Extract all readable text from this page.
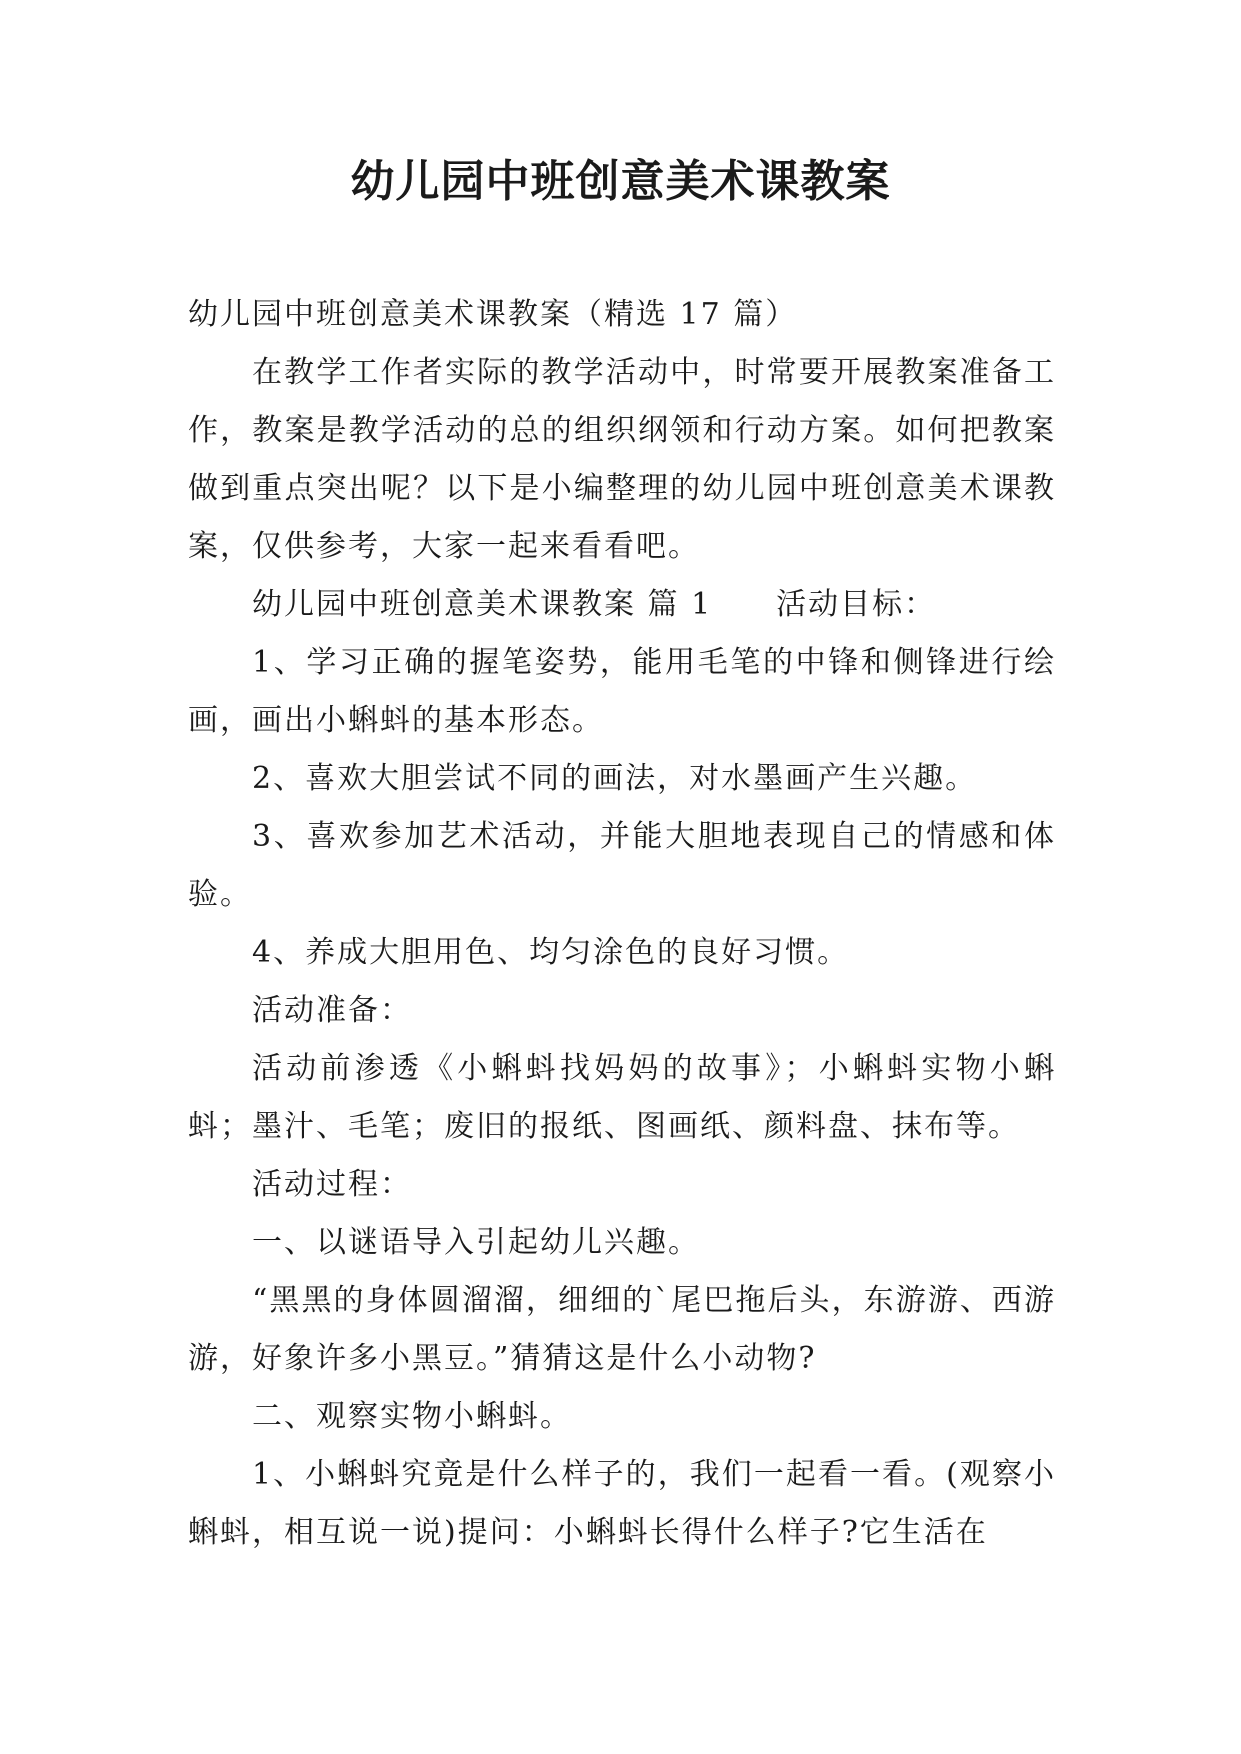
幼儿园中班创意美术课教案

幼儿园中班创意美术课教案（精选 17 篇）

在教学工作者实际的教学活动中，时常要开展教案准备工作，教案是教学活动的总的组织纲领和行动方案。如何把教案做到重点突出呢？以下是小编整理的幼儿园中班创意美术课教案，仅供参考，大家一起来看看吧。

幼儿园中班创意美术课教案 篇 1 活动目标：

1、学习正确的握笔姿势，能用毛笔的中锋和侧锋进行绘画，画出小蝌蚪的基本形态。

2、喜欢大胆尝试不同的画法，对水墨画产生兴趣。

3、喜欢参加艺术活动，并能大胆地表现自己的情感和体验。

4、养成大胆用色、均匀涂色的良好习惯。

活动准备：

活动前渗透《小蝌蚪找妈妈的故事》；小蝌蚪实物小蝌蚪；墨汁、毛笔；废旧的报纸、图画纸、颜料盘、抹布等。

活动过程：

一、以谜语导入引起幼儿兴趣。

“黑黑的身体圆溜溜，细细的`尾巴拖后头，东游游、西游游，好象许多小黑豆。”猜猜这是什么小动物?

二、观察实物小蝌蚪。

1、小蝌蚪究竟是什么样子的，我们一起看一看。(观察小蝌蚪，相互说一说)提问：小蝌蚪长得什么样子?它生活在
